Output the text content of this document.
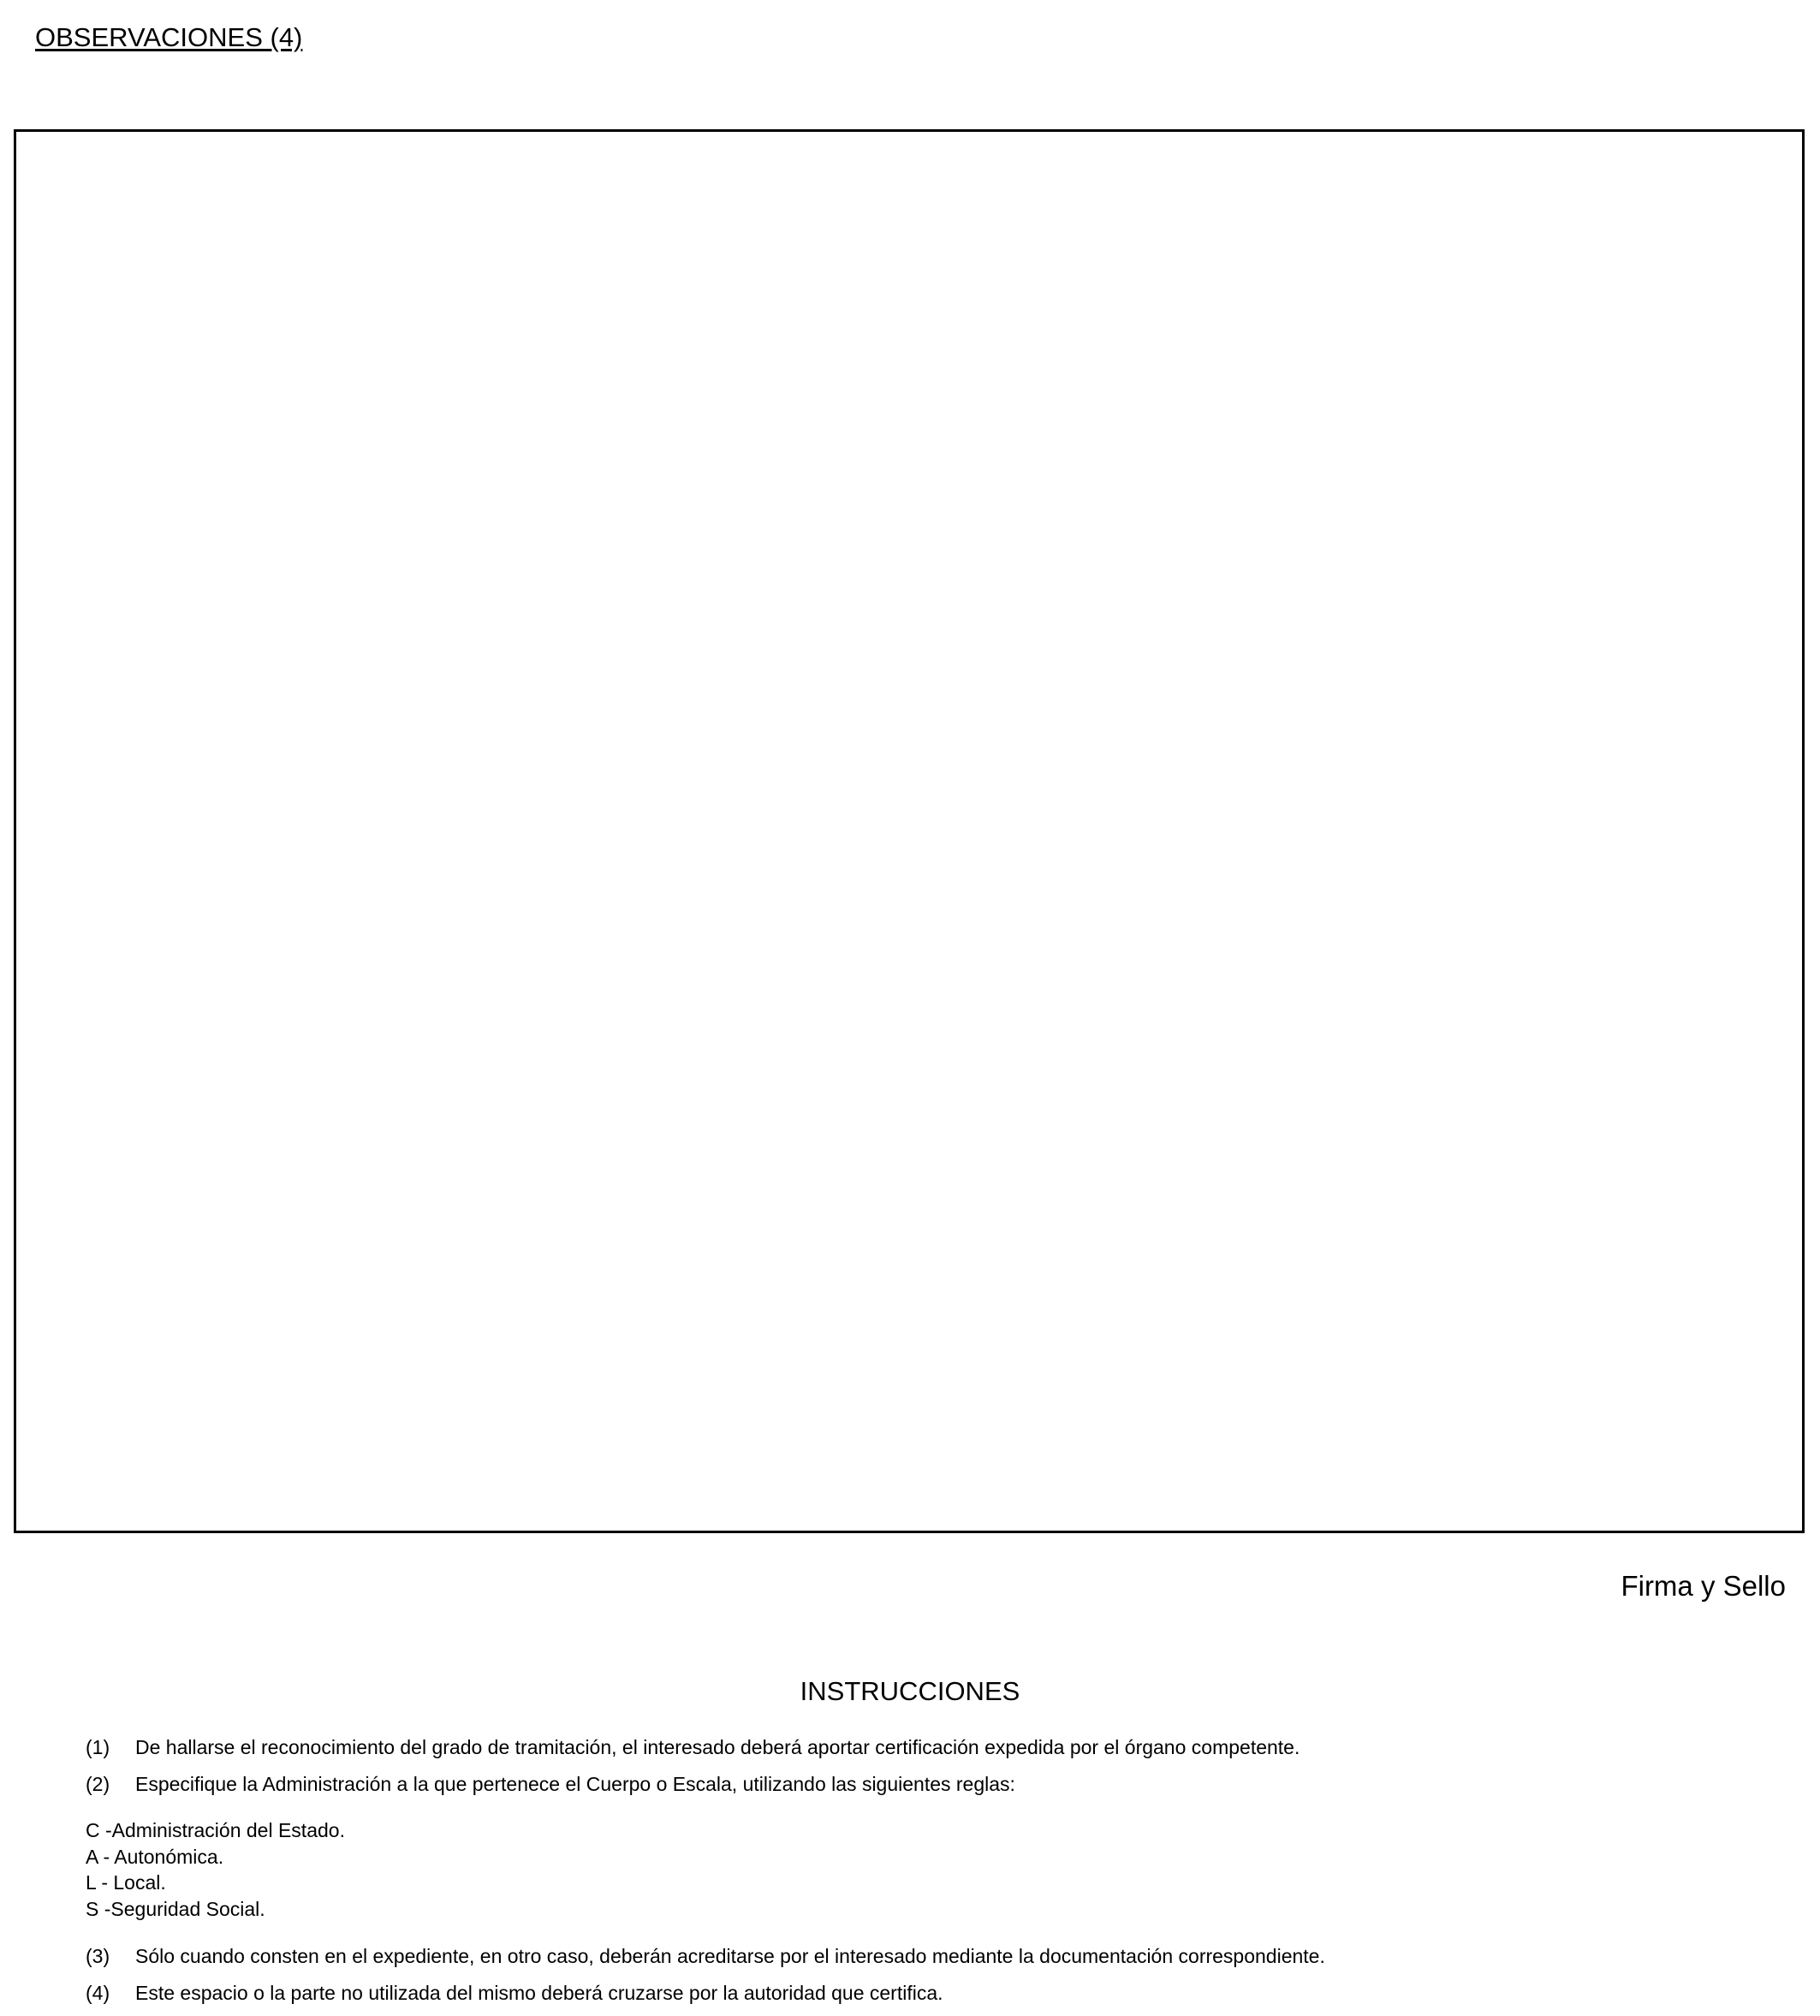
OBSERVACIONES (4)
Firma y Sello
INSTRUCCIONES
(1) De hallarse el reconocimiento del grado de tramitación, el interesado deberá aportar certificación expedida por el órgano competente.
(2) Especifique la Administración a la que pertenece el Cuerpo o Escala, utilizando las siguientes reglas:
C -Administración del Estado.
A - Autonómica.
L - Local.
S -Seguridad Social.
(3) Sólo cuando consten en el expediente, en otro caso, deberán acreditarse por el interesado mediante la documentación correspondiente.
(4) Este espacio o la parte no utilizada del mismo deberá cruzarse por la autoridad que certifica.
